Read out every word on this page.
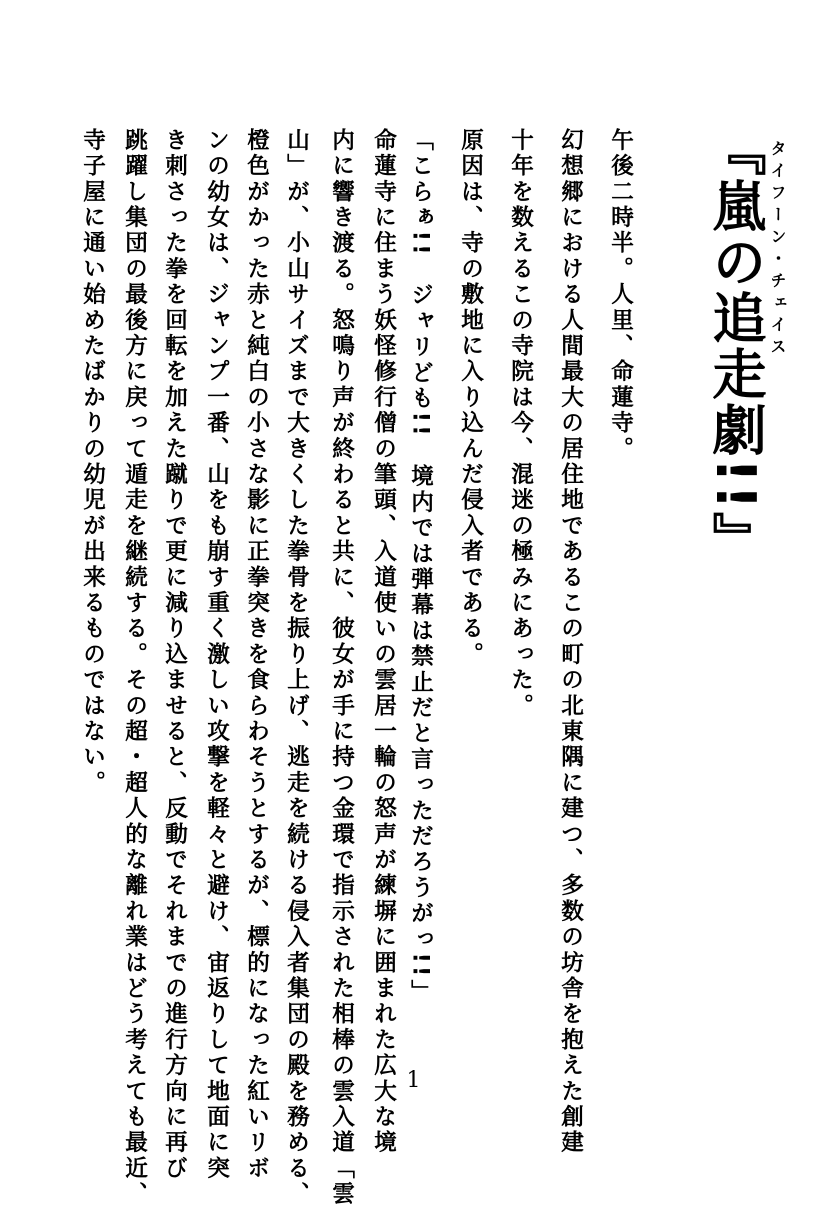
『嵐の追走劇!!』 タイフーン・チェイス
午後二時半。人里、命蓮寺。
幻想郷における人間最大の居住地であるこの町の北東隅に建つ、多数の坊舎を抱えた創建
十年を数えるこの寺院は今、混迷の極みにあった。
原因は、寺の敷地に入り込んだ侵入者である。
「こらぁ!!　ジャリども!!　境内では弾幕は禁止だと言っただろうがっ!!」
命蓮寺に住まう妖怪修行僧の筆頭、入道使いの雲居一輪の怒声が練塀に囲まれた広大な境
内に響き渡る。怒鳴り声が終わると共に、彼女が手に持つ金環で指示された相棒の雲入道「雲
山」が、小山サイズまで大きくした拳骨を振り上げ、逃走を続ける侵入者集団の殿を務める、
橙色がかった赤と純白の小さな影に正拳突きを食らわそうとするが、標的になった紅いリボ
ンの幼女は、ジャンプ一番、山をも崩す重く激しい攻撃を軽々と避け、宙返りして地面に突
き刺さった拳を回転を加えた蹴りで更に減り込ませると、反動でそれまでの進行方向に再び
跳躍し集団の最後方に戻って遁走を継続する。その超・超人的な離れ業はどう考えても最近、
寺子屋に通い始めたばかりの幼児が出来るものではない。
1
